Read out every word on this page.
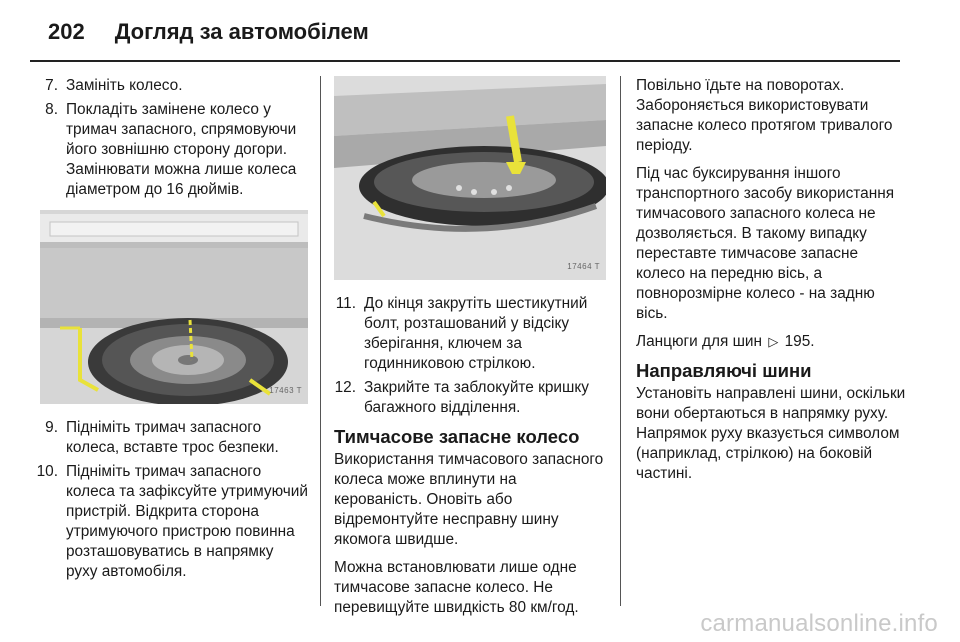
202 Догляд за автомобілем
7. Замініть колесо.
8. Покладіть замінене колесо у тримач запасного, спрямовуючи його зовнішню сторону догори. Замінювати можна лише колеса діаметром до 16 дюймів.
17463 T
9. Підніміть тримач запасного колеса, вставте трос безпеки.
10. Підніміть тримач запасного колеса та зафіксуйте утримуючий пристрій. Відкрита сторона утримуючого пристрою повинна розташовуватись в напрямку руху автомобіля.
17464 T
11. До кінця закрутіть шестикутний болт, розташований у відсіку зберігання, ключем за годинниковою стрілкою.
12. Закрийте та заблокуйте кришку багажного відділення.
Тимчасове запасне колесо
Використання тимчасового запасного колеса може вплинути на керованість. Оновіть або відремонтуйте несправну шину якомога швидше.
Можна встановлювати лише одне тимчасове запасне колесо. Не перевищуйте швидкість 80 км/год.
Повільно їдьте на поворотах. Забороняється використовувати запасне колесо протягом тривалого періоду.
Під час буксирування іншого транспортного засобу використання тимчасового запасного колеса не дозволяється. В такому випадку переставте тимчасове запасне колесо на передню вісь, а повнорозмірне колесо - на задню вісь.
Ланцюги для шин ▷ 195.
Направляючі шини
Установіть направлені шини, оскільки вони обертаються в напрямку руху. Напрямок руху вказується символом (наприклад, стрілкою) на боковій частині.
carmanualsonline.info
